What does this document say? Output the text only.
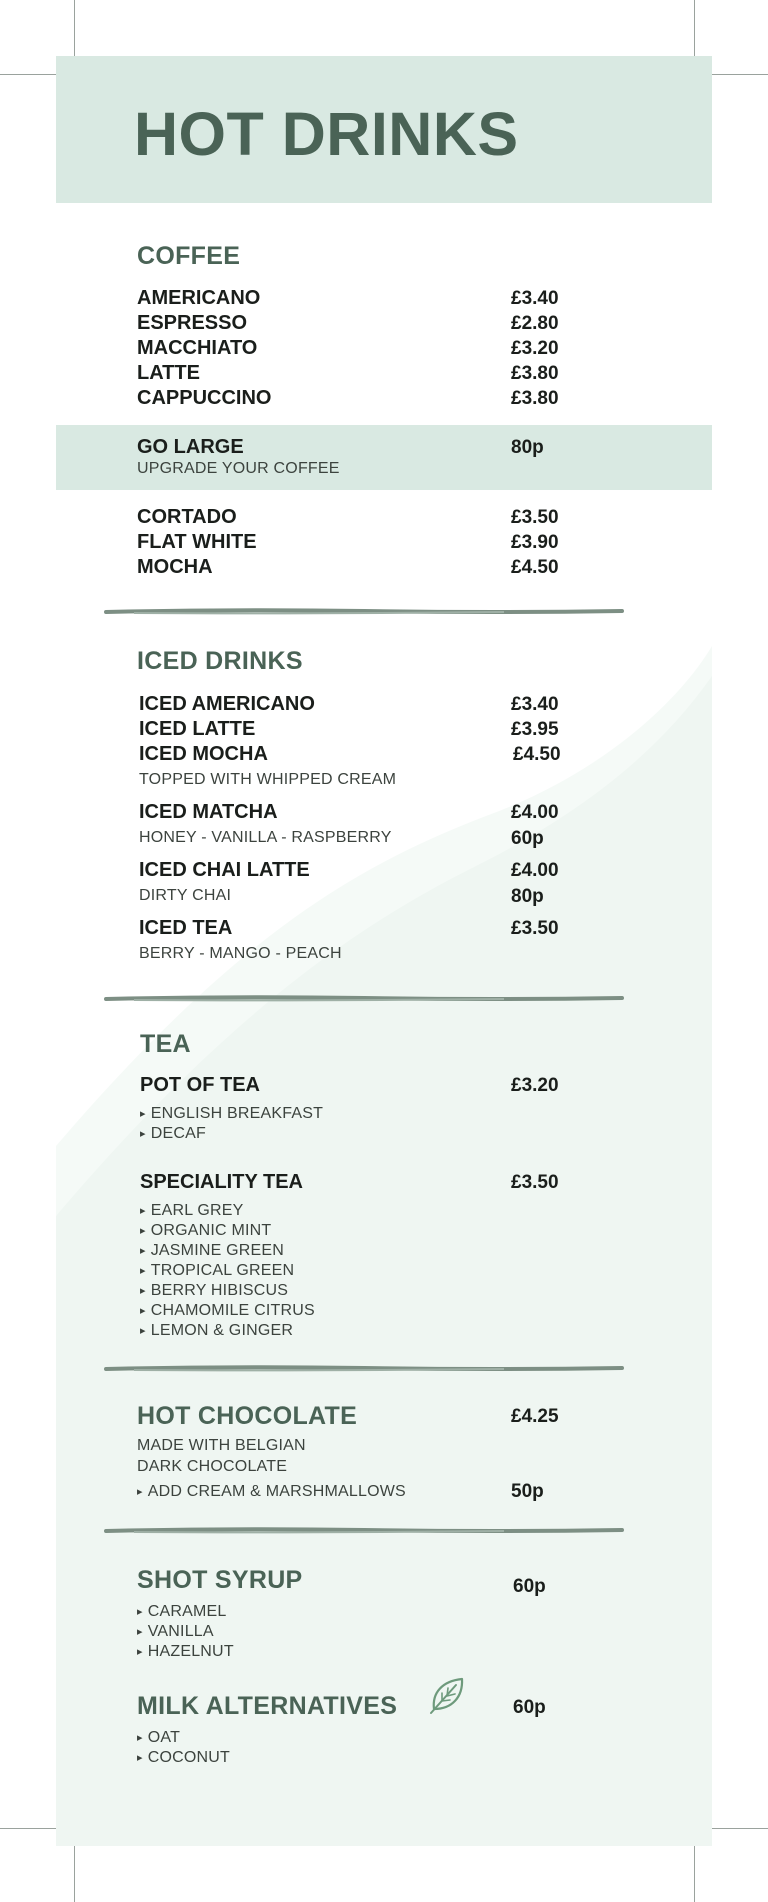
HOT DRINKS
COFFEE
AMERICANO	£3.40
ESPRESSO	£2.80
MACCHIATO	£3.20
LATTE	£3.80
CAPPUCCINO	£3.80
GO LARGE	80p
UPGRADE YOUR COFFEE
CORTADO	£3.50
FLAT WHITE	£3.90
MOCHA	£4.50
ICED DRINKS
ICED AMERICANO	£3.40
ICED LATTE	£3.95
ICED MOCHA	£4.50
TOPPED WITH WHIPPED CREAM
ICED MATCHA	£4.00
HONEY - VANILLA - RASPBERRY	60p
ICED CHAI LATTE	£4.00
DIRTY CHAI	80p
ICED TEA	£3.50
BERRY - MANGO - PEACH
TEA
POT OF TEA	£3.20
▸ ENGLISH BREAKFAST
▸ DECAF
SPECIALITY TEA	£3.50
▸ EARL GREY
▸ ORGANIC MINT
▸ JASMINE GREEN
▸ TROPICAL GREEN
▸ BERRY HIBISCUS
▸ CHAMOMILE CITRUS
▸ LEMON & GINGER
HOT CHOCOLATE	£4.25
MADE WITH BELGIAN
DARK CHOCOLATE
▸ ADD CREAM & MARSHMALLOWS	50p
SHOT SYRUP	60p
▸ CARAMEL
▸ VANILLA
▸ HAZELNUT
MILK ALTERNATIVES	60p
▸ OAT
▸ COCONUT
